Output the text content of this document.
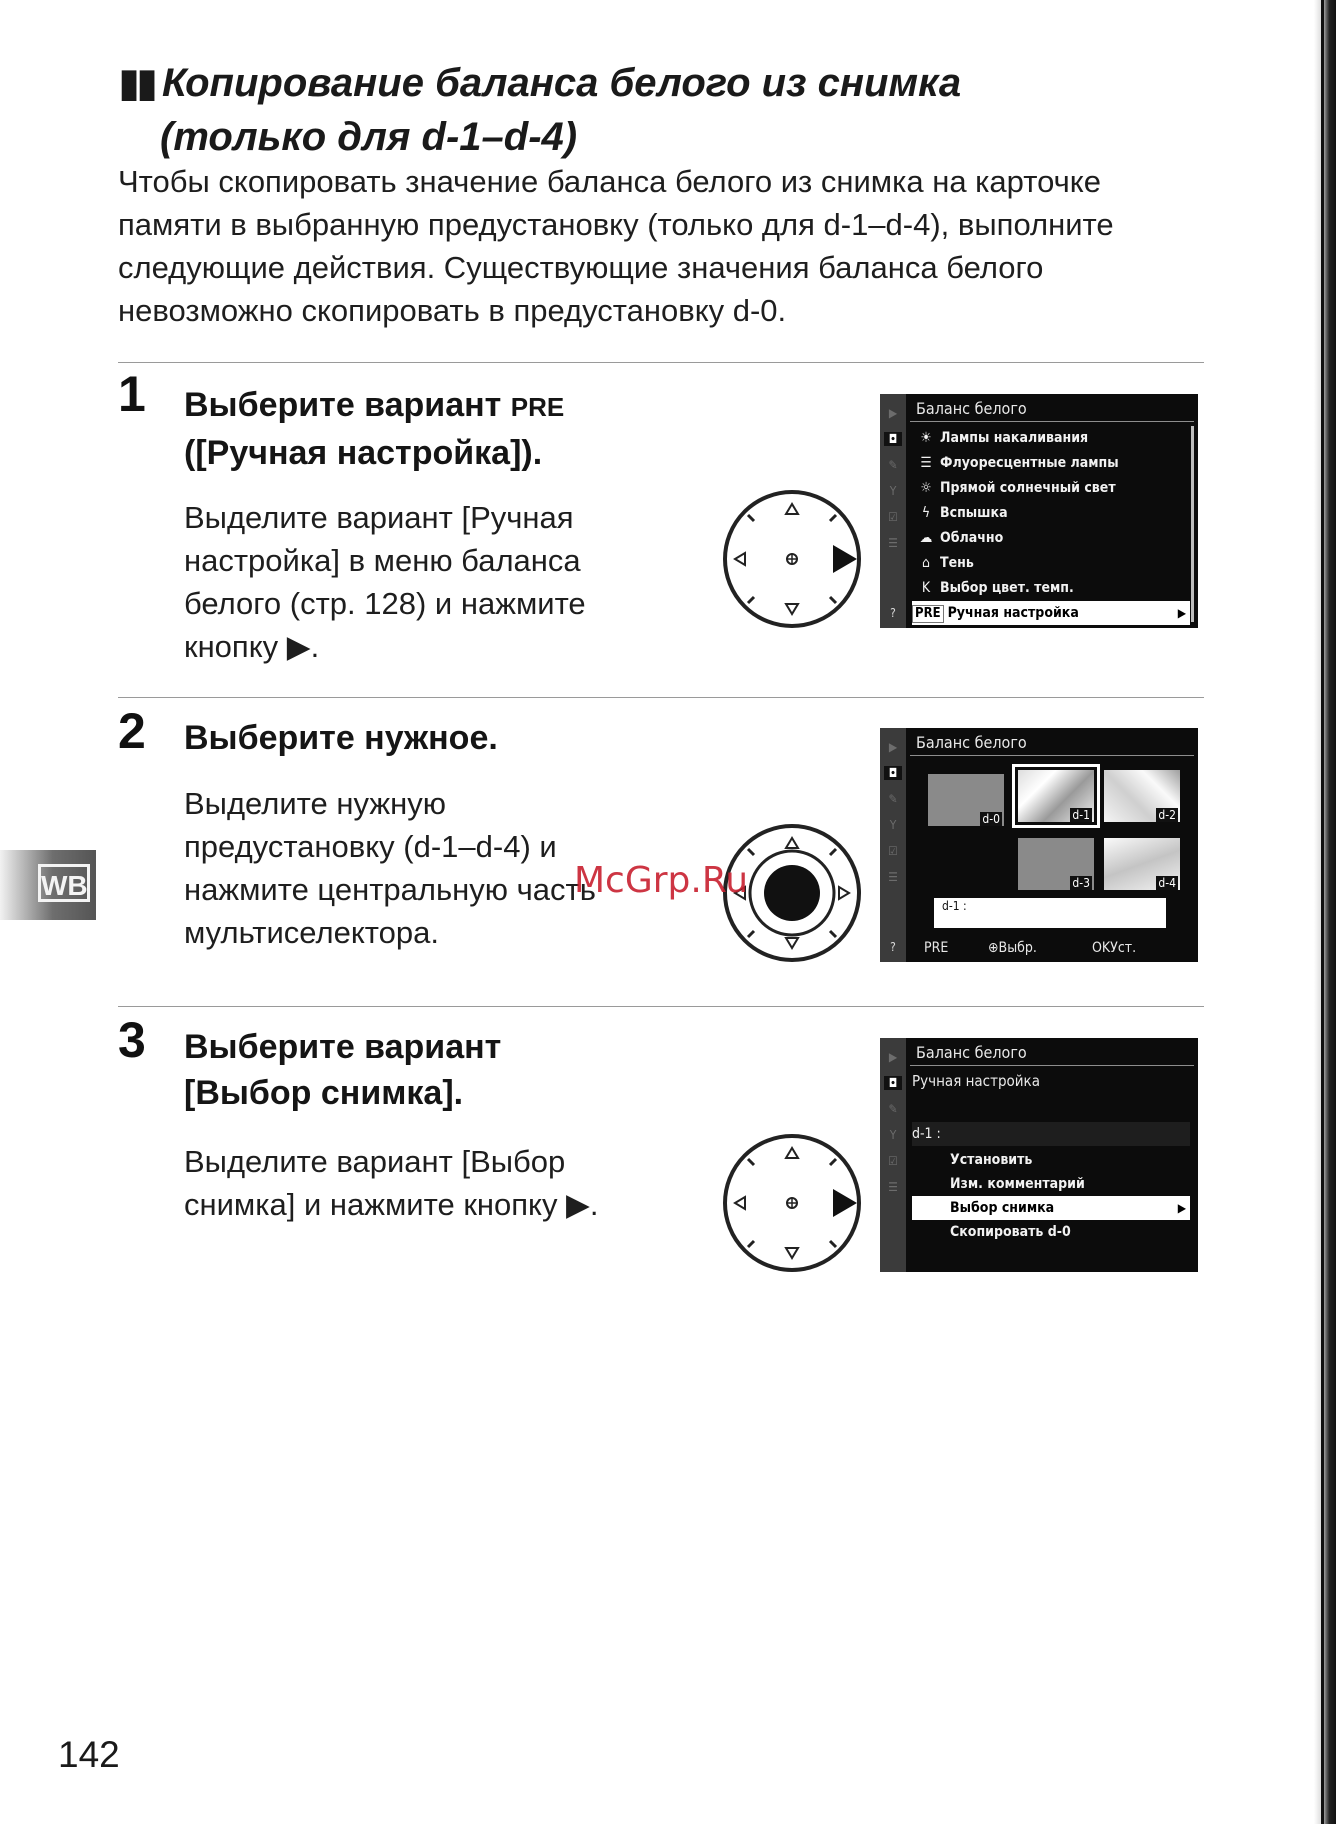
▮▮ Копирование баланса белого из снимка
(только для d-1–d-4)
Чтобы скопировать значение баланса белого из снимка на карточке памяти в выбранную предустановку (только для d-1–d-4), выполните следующие действия. Существующие значения баланса белого невозможно скопировать в предустановку d-0.
1 Выберите вариант PRE
([Ручная настройка]).
Выделите вариант [Ручная настройка] в меню баланса белого (стр. 128) и нажмите кнопку ▶.
▶
◘
✎
Y
☑
☰
?
Баланс белого
☀ Лампы накаливания
☰ Флуоресцентные лампы
☼ Прямой солнечный свет
ϟ Вспышка
☁ Облачно
⌂ Тень
K Выбор цвет. темп.
PRE Ручная настройка	▶
2 Выберите нужное.
Выделите нужную предустановку (d-1–d-4) и нажмите центральную часть мультиселектора.
▶
◘
✎
Y
☑
☰
?
Баланс белого
d-0	d-1	d-2
d-3	d-4
d-1 :
PRE	⊕Выбр.	OKУст.
3 Выберите вариант [Выбор снимка].
Выделите вариант [Выбор снимка] и нажмите кнопку ▶.
▶
◘
✎
Y
☑
☰
Баланс белого
Ручная настройка
d-1 :
Установить
Изм. комментарий
Выбор снимка	▶
Скопировать d-0
WB	McGrp.Ru
142
